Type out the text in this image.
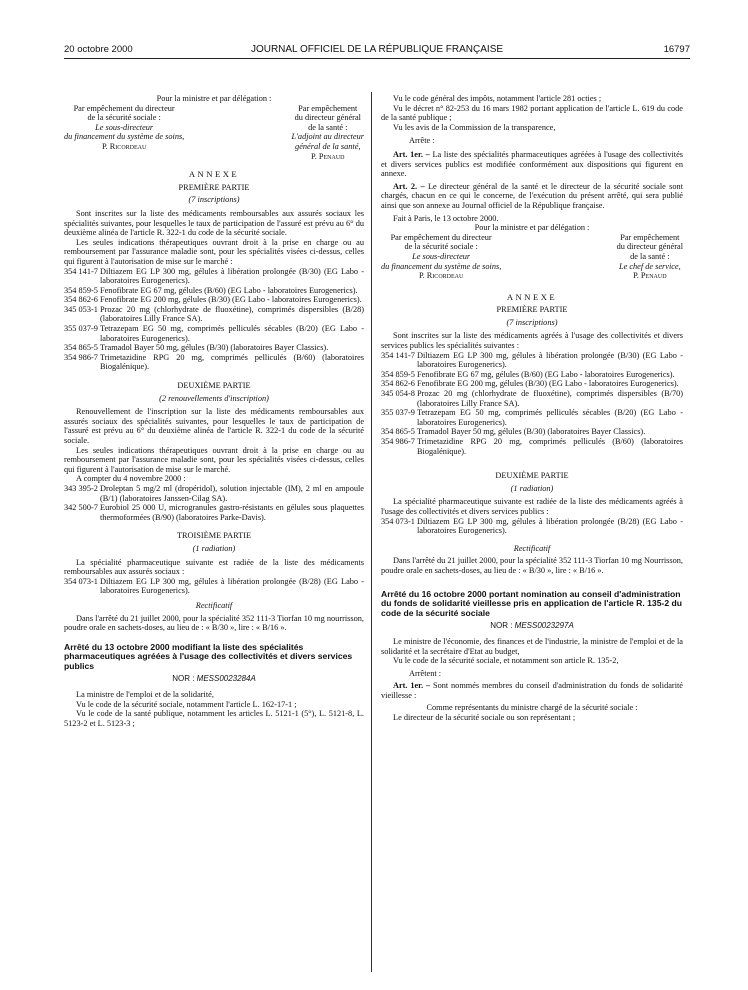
20 octobre 2000	JOURNAL OFFICIEL DE LA RÉPUBLIQUE FRANÇAISE	16797

Pour la ministre et par délégation :

Par empêchement du directeur
de la sécurité sociale :
Le sous-directeur
du financement du système de soins,
P. Ricordeau
Par empêchement
du directeur général
de la santé :
L'adjoint au directeur
général de la santé,
P. Penaud
ANNEXE
PREMIÈRE PARTIE
(7 inscriptions)

Sont inscrites sur la liste des médicaments remboursables aux assurés sociaux les spécialités suivantes, pour lesquelles le taux de participation de l'assuré est prévu au 6° du deuxième alinéa de l'article R. 322-1 du code de la sécurité sociale.

Les seules indications thérapeutiques ouvrant droit à la prise en charge ou au remboursement par l'assurance maladie sont, pour les spécialités visées ci-dessus, celles qui figurent à l'autorisation de mise sur le marché :

354 141-7 Diltiazem EG LP 300 mg, gélules à libération prolongée (B/30) (EG Labo - laboratoires Eurogenerics).
354 859-5 Fenofibrate EG 67 mg, gélules (B/60) (EG Labo - laboratoires Eurogenerics).
354 862-6 Fenofibrate EG 200 mg, gélules (B/30) (EG Labo - laboratoires Eurogenerics).
345 053-1 Prozac 20 mg (chlorhydrate de fluoxétine), comprimés dispersibles (B/28) (laboratoires Lilly France SA).
355 037-9 Tetrazepam EG 50 mg, comprimés pelliculés sécables (B/20) (EG Labo - laboratoires Eurogenerics).
354 865-5 Tramadol Bayer 50 mg, gélules (B/30) (laboratoires Bayer Classics).
354 986-7 Trimetazidine RPG 20 mg, comprimés pelliculés (B/60) (laboratoires Biogalénique).
DEUXIÈME PARTIE
(2 renouvellements d'inscription)

Renouvellement de l'inscription sur la liste des médicaments remboursables aux assurés sociaux des spécialités suivantes, pour lesquelles le taux de participation de l'assuré est prévu au 6° du deuxième alinéa de l'article R. 322-1 du code de la sécurité sociale.

Les seules indications thérapeutiques ouvrant droit à la prise en charge ou au remboursement par l'assurance maladie sont, pour les spécialités visées ci-dessus, celles qui figurent à l'autorisation de mise sur le marché.

A compter du 4 novembre 2000 :

343 395-2 Droleptan 5 mg/2 ml (dropéridol), solution injectable (IM), 2 ml en ampoule (B/1) (laboratoires Janssen-Cilag SA).
342 500-7 Eurobiol 25 000 U, microgranules gastro-résistants en gélules sous plaquettes thermoformées (B/90) (laboratoires Parke-Davis).
TROISIÈME PARTIE
(1 radiation)

La spécialité pharmaceutique suivante est radiée de la liste des médicaments remboursables aux assurés sociaux :

354 073-1 Diltiazem EG LP 300 mg, gélules à libération prolongée (B/28) (EG Labo - laboratoires Eurogenerics).
Rectificatif

Dans l'arrêté du 21 juillet 2000, pour la spécialité 352 111-3 Tiorfan 10 mg nourrisson, poudre orale en sachets-doses, au lieu de : « B/30 », lire : « B/16 ».

Arrêté du 13 octobre 2000 modifiant la liste des spécialités pharmaceutiques agréées à l'usage des collectivités et divers services publics
NOR : MESS0023284A

La ministre de l'emploi et de la solidarité,

Vu le code de la sécurité sociale, notamment l'article L. 162-17-1 ;

Vu le code de la santé publique, notamment les articles L. 5121-1 (5°), L. 5121-8, L. 5123-2 et L. 5123-3 ;

Vu le code général des impôts, notamment l'article 281 octies ;

Vu le décret n° 82-253 du 16 mars 1982 portant application de l'article L. 619 du code de la santé publique ;

Vu les avis de la Commission de la transparence,

Arrête :

Art. 1er. – La liste des spécialités pharmaceutiques agréées à l'usage des collectivités et divers services publics est modifiée conformément aux dispositions qui figurent en annexe.

Art. 2. – Le directeur général de la santé et le directeur de la sécurité sociale sont chargés, chacun en ce qui le concerne, de l'exécution du présent arrêté, qui sera publié ainsi que son annexe au Journal officiel de la République française.

Fait à Paris, le 13 octobre 2000.

Pour la ministre et par délégation :

Par empêchement du directeur
de la sécurité sociale :
Le sous-directeur
du financement du système de soins,
P. Ricordeau
Par empêchement
du directeur général
de la santé :
Le chef de service,
P. Penaud
ANNEXE
PREMIÈRE PARTIE
(7 inscriptions)

Sont inscrites sur la liste des médicaments agréés à l'usage des collectivités et divers services publics les spécialités suivantes :

354 141-7 Diltiazem EG LP 300 mg, gélules à libération prolongée (B/30) (EG Labo - laboratoires Eurogenerics).
354 859-5 Fenofibrate EG 67 mg, gélules (B/60) (EG Labo - laboratoires Eurogenerics).
354 862-6 Fenofibrate EG 200 mg, gélules (B/30) (EG Labo - laboratoires Eurogenerics).
345 054-8 Prozac 20 mg (chlorhydrate de fluoxétine), comprimés dispersibles (B/70) (laboratoires Lilly France SA).
355 037-9 Tetrazepam EG 50 mg, comprimés pelliculés sécables (B/20) (EG Labo - laboratoires Eurogenerics).
354 865-5 Tramadol Bayer 50 mg, gélules (B/30) (laboratoires Bayer Classics).
354 986-7 Trimetazidine RPG 20 mg, comprimés pelliculés (B/60) (laboratoires Biogalénique).
DEUXIÈME PARTIE
(1 radiation)

La spécialité pharmaceutique suivante est radiée de la liste des médicaments agréés à l'usage des collectivités et divers services publics :

354 073-1 Diltiazem EG LP 300 mg, gélules à libération prolongée (B/28) (EG Labo - laboratoires Eurogenerics).
Rectificatif

Dans l'arrêté du 21 juillet 2000, pour la spécialité 352 111-3 Tiorfan 10 mg Nourrisson, poudre orale en sachets-doses, au lieu de : « B/30 », lire : « B/16 ».

Arrêté du 16 octobre 2000 portant nomination au conseil d'administration du fonds de solidarité vieillesse pris en application de l'article R. 135-2 du code de la sécurité sociale
NOR : MESS0023297A

Le ministre de l'économie, des finances et de l'industrie, la ministre de l'emploi et de la solidarité et la secrétaire d'Etat au budget,

Vu le code de la sécurité sociale, et notamment son article R. 135-2,

Arrêtent :

Art. 1er. – Sont nommés membres du conseil d'administration du fonds de solidarité vieillesse :

Comme représentants du ministre chargé de la sécurité sociale :

Le directeur de la sécurité sociale ou son représentant ;
